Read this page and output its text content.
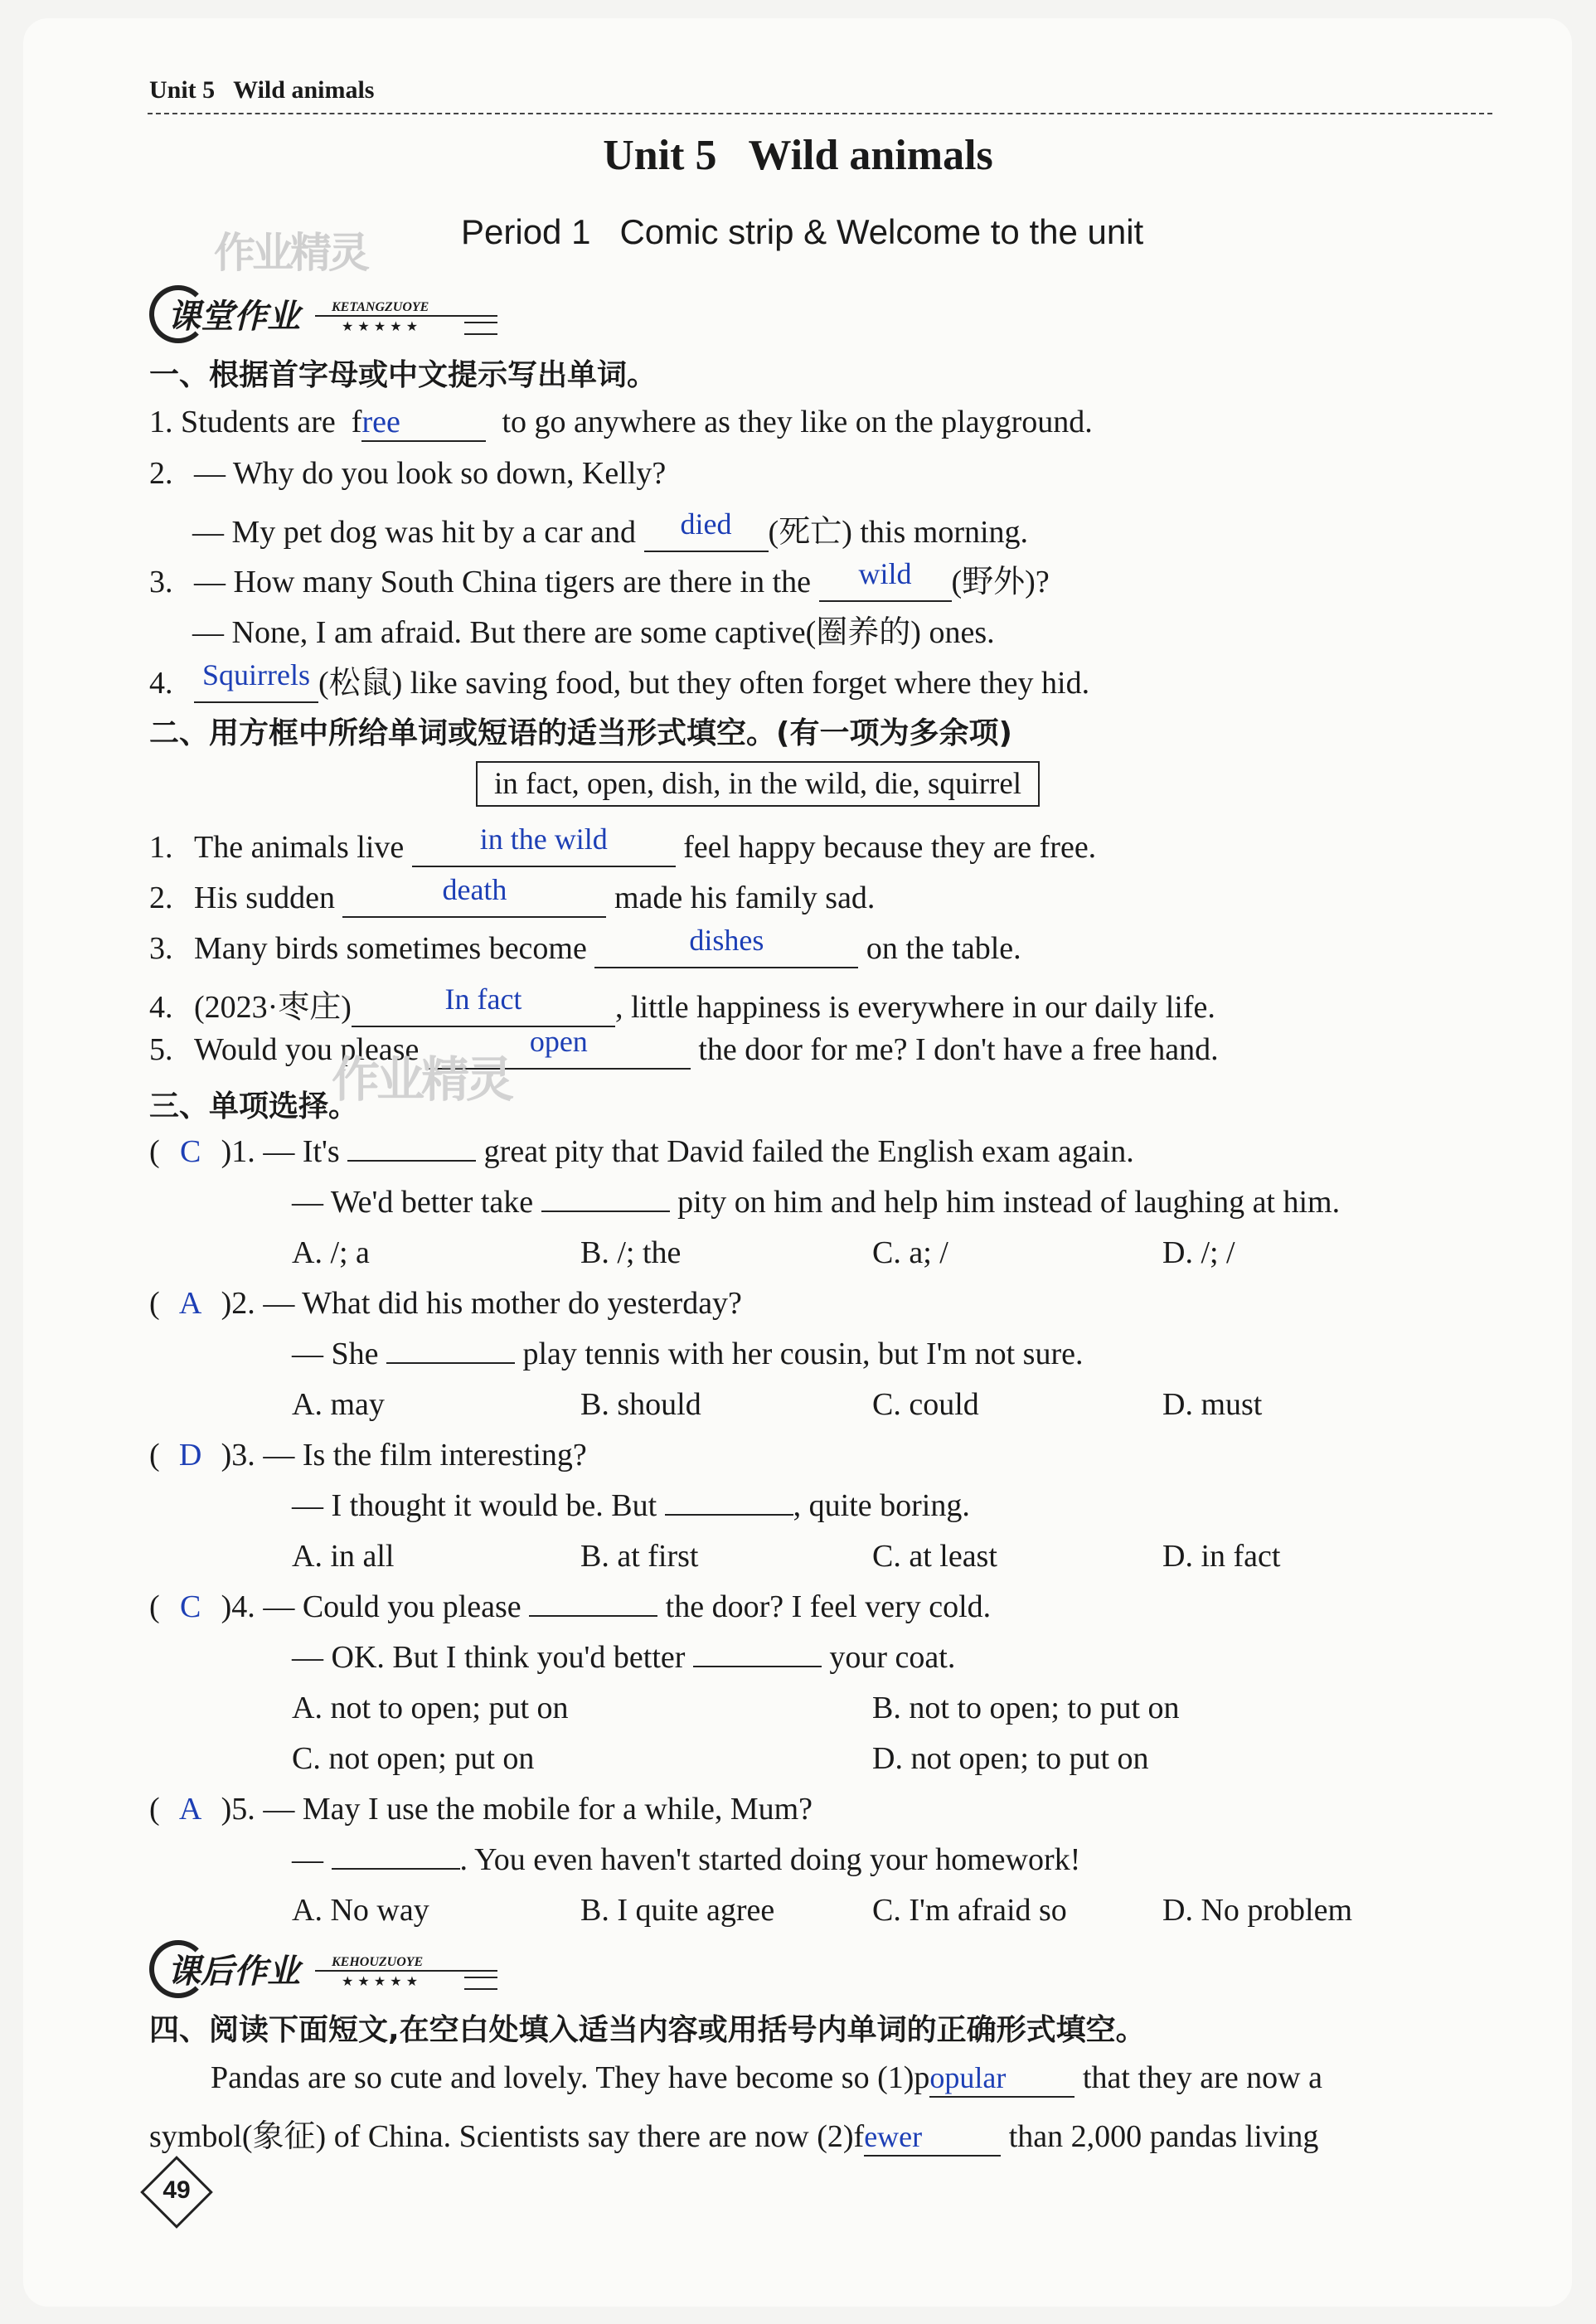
Unit 5   Wild animals
Unit 5   Wild animals
作业精灵	Period 1   Comic strip & Welcome to the unit
课堂作业 KETANGZUOYE
★ ★ ★ ★ ★
一、根据首字母或中文提示写出单词。
1. Students are  free	to go anywhere as they like on the playground.
2. — Why do you look so down, Kelly?
— My pet dog was hit by a car and died (死亡) this morning.
3. — How many South China tigers are there in the wild (野外)?
— None, I am afraid. But there are some captive(圈养的) ones.
4. Squirrels (松鼠) like saving food, but they often forget where they hid.
二、用方框中所给单词或短语的适当形式填空。(有一项为多余项)
in fact, open, dish, in the wild, die, squirrel
1. The animals live in the wild feel happy because they are free.
2. His sudden	death	made his family sad.
3. Many birds sometimes become	dishes	on the table.
4. (2023·枣庄)	In fact	, little happiness is everywhere in our daily life.
5. Would you please	open	the door for me? I don't have a free hand.
作业精灵
三、单项选择。
( C )1. — It's	great pity that David failed the English exam again.
— We'd better take	pity on him and help him instead of laughing at him.
A. /; a	B. /; the	C. a; /	D. /; /
( A )2. — What did his mother do yesterday?
— She	play tennis with her cousin, but I'm not sure.
A. may	B. should	C. could	D. must
( D )3. — Is the film interesting?
— I thought it would be. But	, quite boring.
A. in all	B. at first	C. at least	D. in fact
( C )4. — Could you please	the door? I feel very cold.
— OK. But I think you'd better	your coat.
A. not to open; put on	B. not to open; to put on
C. not open; put on	D. not open; to put on
( A )5. — May I use the mobile for a while, Mum?
—	. You even haven't started doing your homework!
A. No way	B. I quite agree	C. I'm afraid so	D. No problem
课后作业 KEHOUZUOYE
★ ★ ★ ★ ★
四、阅读下面短文,在空白处填入适当内容或用括号内单词的正确形式填空。
Pandas are so cute and lovely. They have become so (1)popular that they are now a
symbol(象征) of China. Scientists say there are now (2)fewer	than 2,000 pandas living
49
